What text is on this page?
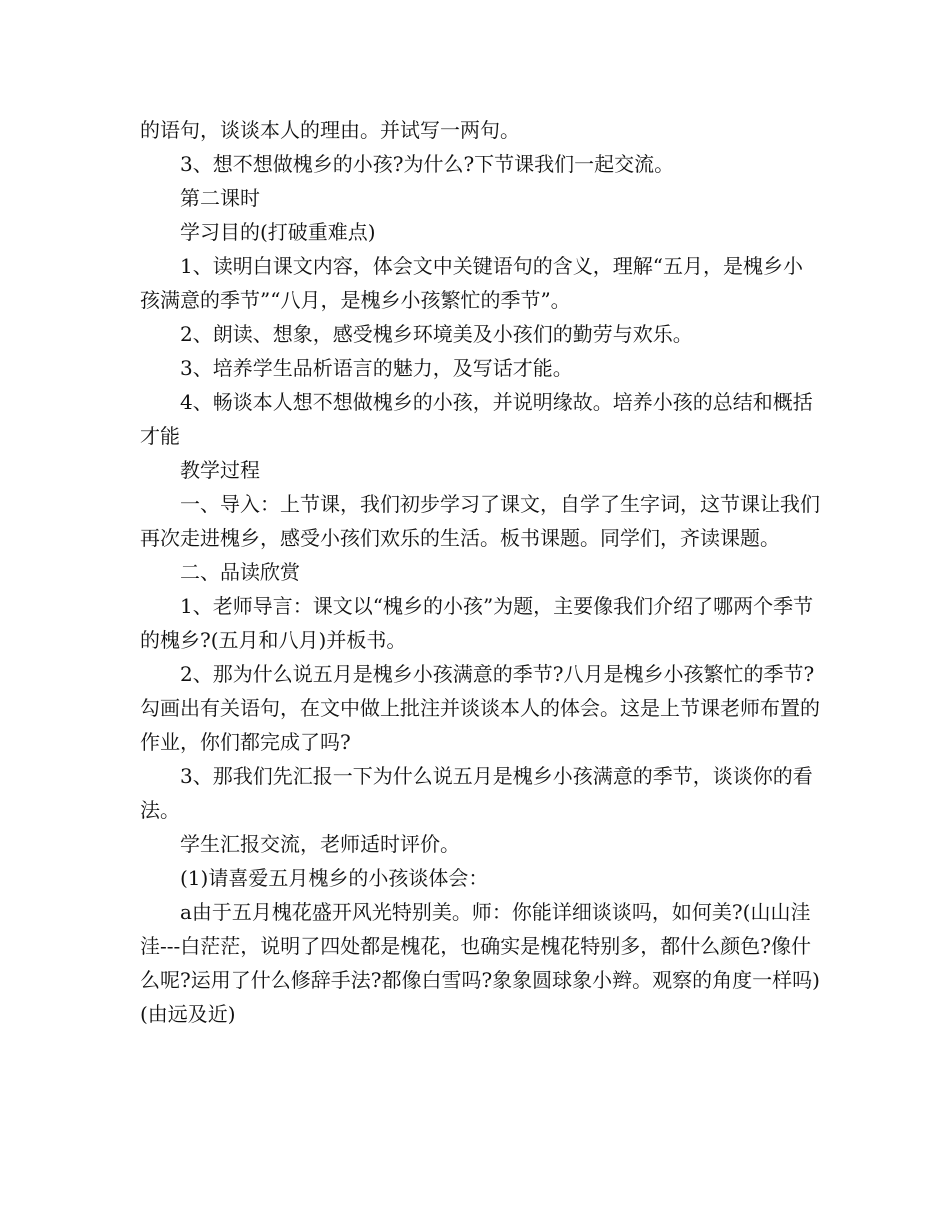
的语句，谈谈本人的理由。并试写一两句。

3、想不想做槐乡的小孩?为什么?下节课我们一起交流。

第二课时

学习目的(打破重难点)

1、读明白课文内容，体会文中关键语句的含义，理解“五月，是槐乡小孩满意的季节”“八月，是槐乡小孩繁忙的季节”。

2、朗读、想象，感受槐乡环境美及小孩们的勤劳与欢乐。

3、培养学生品析语言的魅力，及写话才能。

4、畅谈本人想不想做槐乡的小孩，并说明缘故。培养小孩的总结和概括才能

教学过程

一、导入：上节课，我们初步学习了课文，自学了生字词，这节课让我们再次走进槐乡，感受小孩们欢乐的生活。板书课题。同学们，齐读课题。

二、品读欣赏

1、老师导言：课文以“槐乡的小孩”为题，主要像我们介绍了哪两个季节的槐乡?(五月和八月)并板书。

2、那为什么说五月是槐乡小孩满意的季节?八月是槐乡小孩繁忙的季节?勾画出有关语句，在文中做上批注并谈谈本人的体会。这是上节课老师布置的作业，你们都完成了吗?

3、那我们先汇报一下为什么说五月是槐乡小孩满意的季节，谈谈你的看法。

学生汇报交流，老师适时评价。

(1)请喜爱五月槐乡的小孩谈体会：

a由于五月槐花盛开风光特别美。师：你能详细谈谈吗，如何美?(山山洼洼---白茫茫，说明了四处都是槐花，也确实是槐花特别多，都什么颜色?像什么呢?运用了什么修辞手法?都像白雪吗?象象圆球象小辫。观察的角度一样吗)(由远及近)
